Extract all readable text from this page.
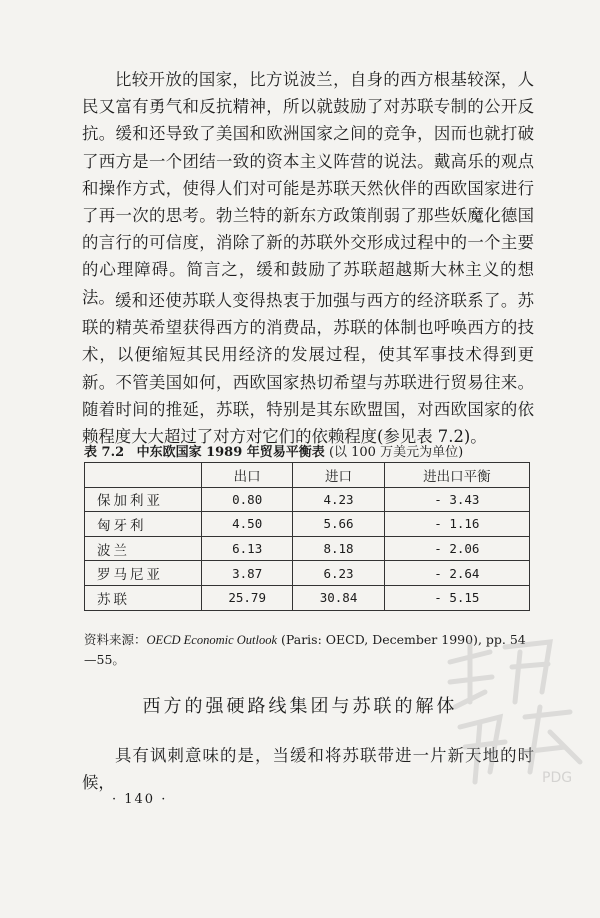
比较开放的国家，比方说波兰，自身的西方根基较深，人民又富有勇气和反抗精神，所以就鼓励了对苏联专制的公开反抗。缓和还导致了美国和欧洲国家之间的竞争，因而也就打破了西方是一个团结一致的资本主义阵营的说法。戴高乐的观点和操作方式，使得人们对可能是苏联天然伙伴的西欧国家进行了再一次的思考。勃兰特的新东方政策削弱了那些妖魔化德国的言行的可信度，消除了新的苏联外交形成过程中的一个主要的心理障碍。简言之，缓和鼓励了苏联超越斯大林主义的想法。 缓和还使苏联人变得热衷于加强与西方的经济联系了。苏联的精英希望获得西方的消费品，苏联的体制也呼唤西方的技术，以便缩短其民用经济的发展过程，使其军事技术得到更新。不管美国如何，西欧国家热切希望与苏联进行贸易往来。随着时间的推延，苏联，特别是其东欧盟国，对西欧国家的依赖程度大大超过了对方对它们的依赖程度(参见表 7.2)。

表 7.2 中东欧国家 1989 年贸易平衡表 (以 100 万美元为单位)
	出口	进口	进出口平衡
保加利亚	0.80	4.23	- 3.43
匈牙利	4.50	5.66	- 1.16
波兰	6.13	8.18	- 2.06
罗马尼亚	3.87	6.23	- 2.64
苏联	25.79	30.84	- 5.15
资料来源：OECD Economic Outlook (Paris: OECD, December 1990), pp. 54—55。
西方的强硬路线集团与苏联的解体

具有讽刺意味的是，当缓和将苏联带进一片新天地的时候，

· 140 ·
PDG
